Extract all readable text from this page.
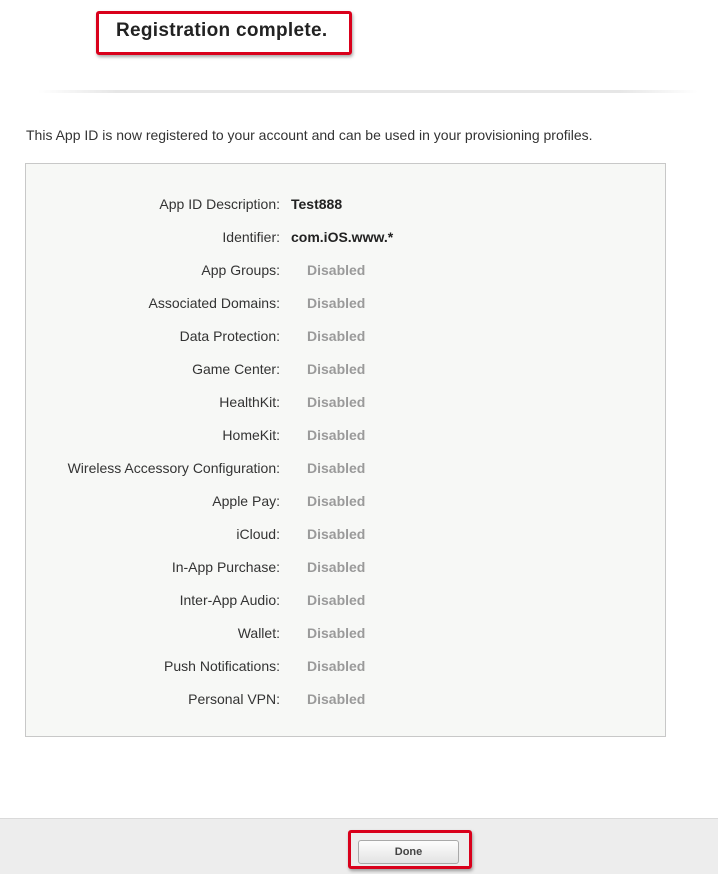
Registration complete.
This App ID is now registered to your account and can be used in your provisioning profiles.
App ID Description: Test888
Identifier: com.iOS.www.*
App Groups: Disabled
Associated Domains: Disabled
Data Protection: Disabled
Game Center: Disabled
HealthKit: Disabled
HomeKit: Disabled
Wireless Accessory Configuration: Disabled
Apple Pay: Disabled
iCloud: Disabled
In-App Purchase: Disabled
Inter-App Audio: Disabled
Wallet: Disabled
Push Notifications: Disabled
Personal VPN: Disabled
Done
